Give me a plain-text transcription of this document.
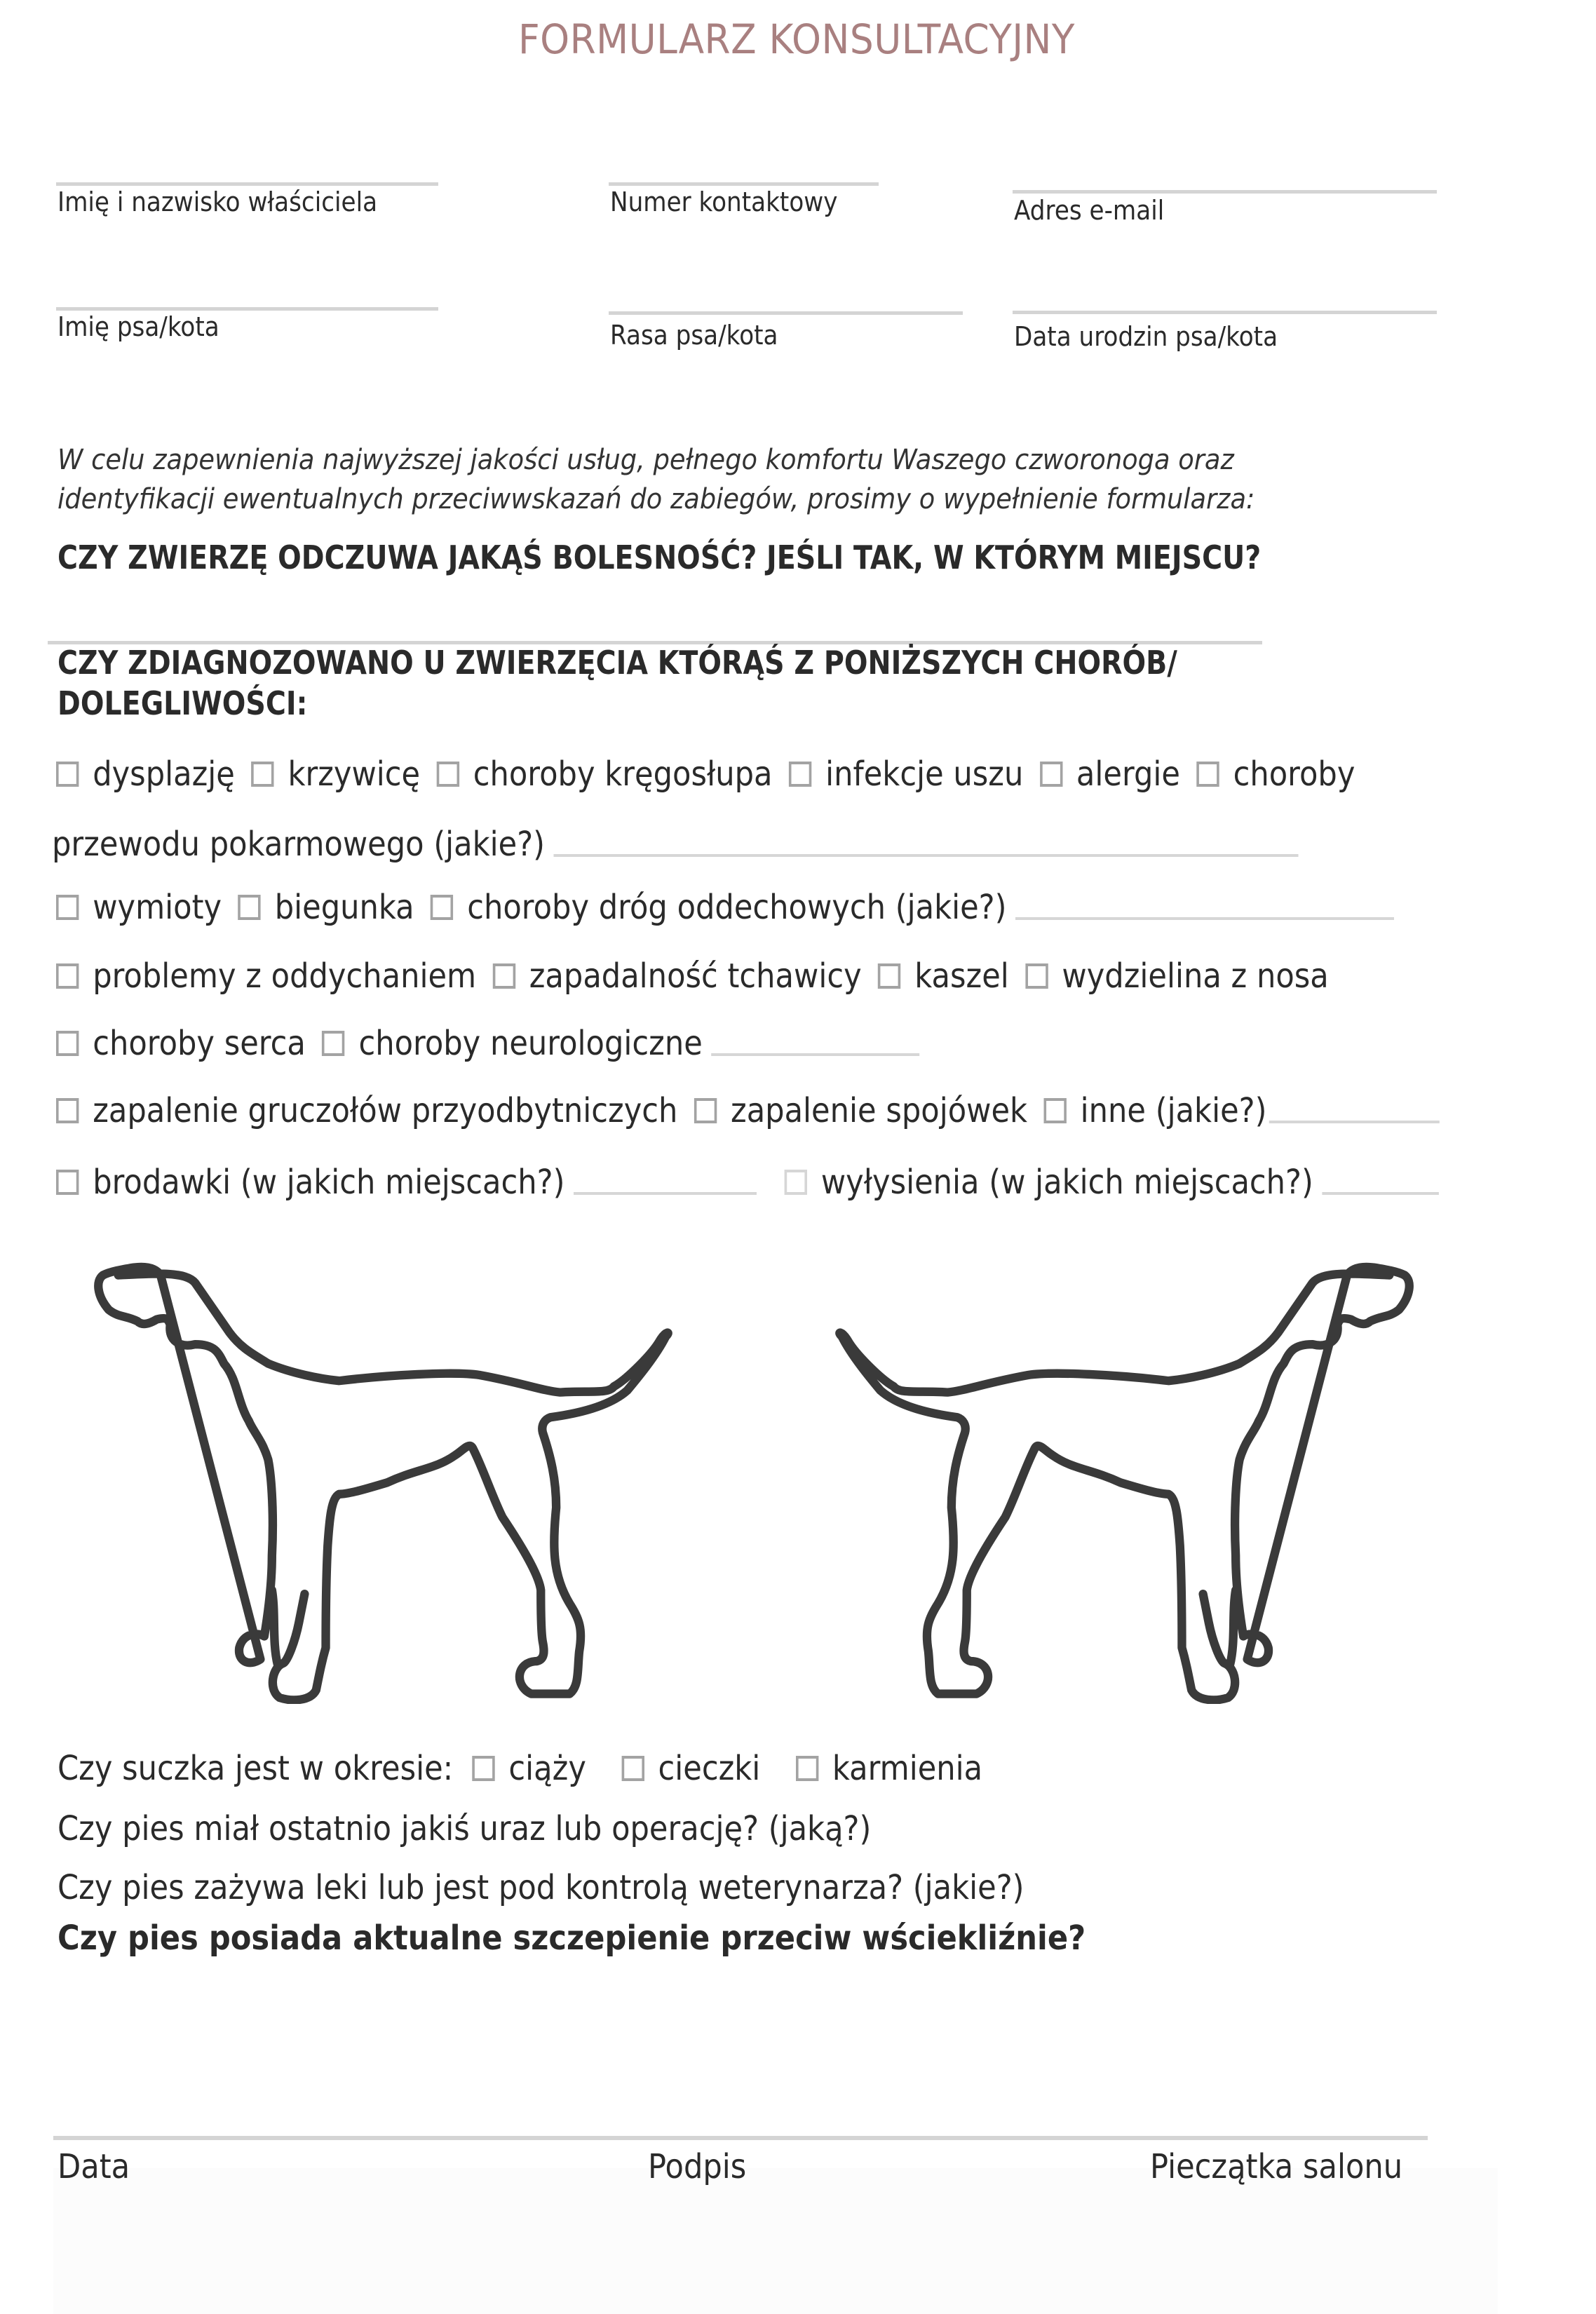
FORMULARZ KONSULTACYJNY
Imię i nazwisko właściciela	Numer kontaktowy	Adres e-mail
Imię psa/kota	Rasa psa/kota	Data urodzin psa/kota
W celu zapewnienia najwyższej jakości usług, pełnego komfortu Waszego czworonoga oraz
identyfikacji ewentualnych przeciwwskazań do zabiegów, prosimy o wypełnienie formularza:
CZY ZWIERZĘ ODCZUWA JAKĄŚ BOLESNOŚĆ? JEŚLI TAK, W KTÓRYM MIEJSCU?
CZY ZDIAGNOZOWANO U ZWIERZĘCIA KTÓRĄŚ Z PONIŻSZYCH CHORÓB/
DOLEGLIWOŚCI:
dysplazję krzywicę choroby kręgosłupa infekcje uszu alergie choroby
przewodu pokarmowego (jakie?)
wymioty biegunka choroby dróg oddechowych (jakie?)
problemy z oddychaniem zapadalność tchawicy kaszel wydzielina z nosa
choroby serca choroby neurologiczne
zapalenie gruczołów przyodbytniczych zapalenie spojówek inne (jakie?)
brodawki (w jakich miejscach?)	wyłysienia (w jakich miejscach?)
Czy suczka jest w okresie: ciąży cieczki karmienia
Czy pies miał ostatnio jakiś uraz lub operację? (jaką?)
Czy pies zażywa leki lub jest pod kontrolą weterynarza? (jakie?)
Czy pies posiada aktualne szczepienie przeciw wściekliźnie?
Data	Podpis	Pieczątka salonu
